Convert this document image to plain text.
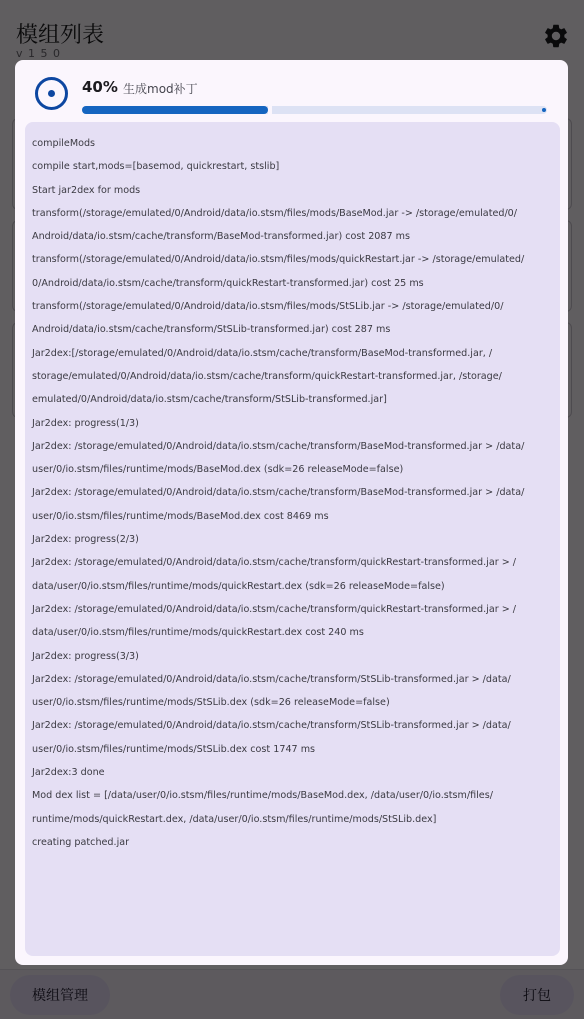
40% 生成mod补丁
compileMods
compile start,mods=[basemod, quickrestart, stslib]
Start jar2dex for mods
transform(/storage/emulated/0/Android/data/io.stsm/files/mods/BaseMod.jar -> /storage/emulated/0/
Android/data/io.stsm/cache/transform/BaseMod-transformed.jar) cost 2087 ms
transform(/storage/emulated/0/Android/data/io.stsm/files/mods/quickRestart.jar -> /storage/emulated/
0/Android/data/io.stsm/cache/transform/quickRestart-transformed.jar) cost 25 ms
transform(/storage/emulated/0/Android/data/io.stsm/files/mods/StSLib.jar -> /storage/emulated/0/
Android/data/io.stsm/cache/transform/StSLib-transformed.jar) cost 287 ms
Jar2dex:[/storage/emulated/0/Android/data/io.stsm/cache/transform/BaseMod-transformed.jar, /
storage/emulated/0/Android/data/io.stsm/cache/transform/quickRestart-transformed.jar, /storage/
emulated/0/Android/data/io.stsm/cache/transform/StSLib-transformed.jar]
Jar2dex: progress(1/3)
Jar2dex: /storage/emulated/0/Android/data/io.stsm/cache/transform/BaseMod-transformed.jar > /data/
user/0/io.stsm/files/runtime/mods/BaseMod.dex (sdk=26 releaseMode=false)
Jar2dex: /storage/emulated/0/Android/data/io.stsm/cache/transform/BaseMod-transformed.jar > /data/
user/0/io.stsm/files/runtime/mods/BaseMod.dex cost 8469 ms
Jar2dex: progress(2/3)
Jar2dex: /storage/emulated/0/Android/data/io.stsm/cache/transform/quickRestart-transformed.jar > /
data/user/0/io.stsm/files/runtime/mods/quickRestart.dex (sdk=26 releaseMode=false)
Jar2dex: /storage/emulated/0/Android/data/io.stsm/cache/transform/quickRestart-transformed.jar > /
data/user/0/io.stsm/files/runtime/mods/quickRestart.dex cost 240 ms
Jar2dex: progress(3/3)
Jar2dex: /storage/emulated/0/Android/data/io.stsm/cache/transform/StSLib-transformed.jar > /data/
user/0/io.stsm/files/runtime/mods/StSLib.dex (sdk=26 releaseMode=false)
Jar2dex: /storage/emulated/0/Android/data/io.stsm/cache/transform/StSLib-transformed.jar > /data/
user/0/io.stsm/files/runtime/mods/StSLib.dex cost 1747 ms
Jar2dex:3 done
Mod dex list = [/data/user/0/io.stsm/files/runtime/mods/BaseMod.dex, /data/user/0/io.stsm/files/
runtime/mods/quickRestart.dex, /data/user/0/io.stsm/files/runtime/mods/StSLib.dex]
creating patched.jar
